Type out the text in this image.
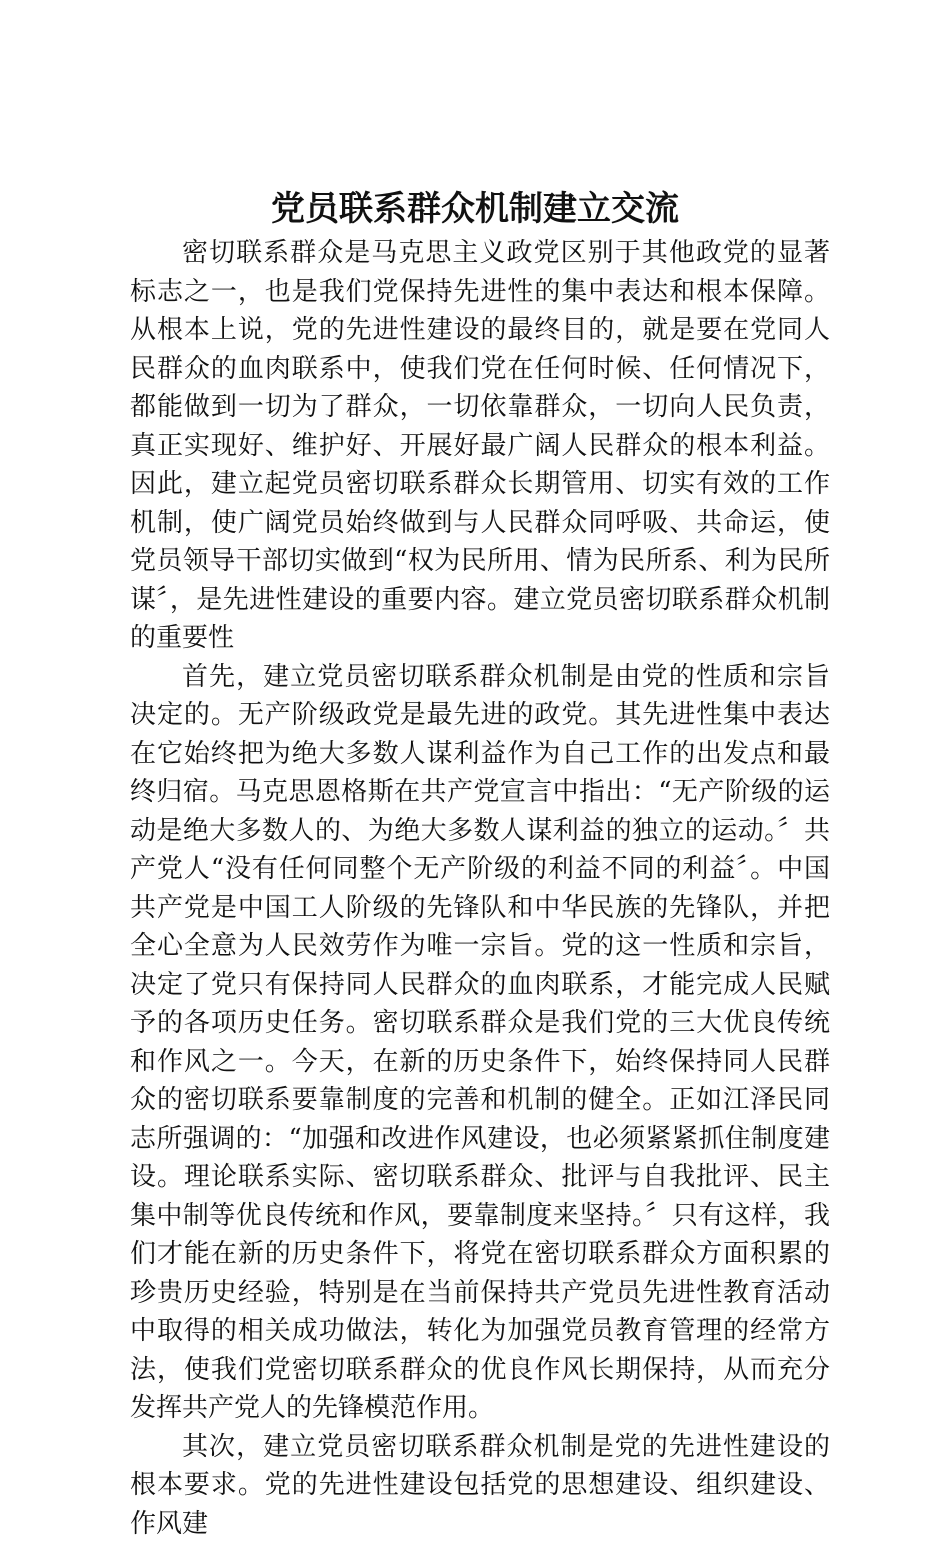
党员联系群众机制建立交流

密切联系群众是马克思主义政党区别于其他政党的显著标志之一，也是我们党保持先进性的集中表达和根本保障。从根本上说，党的先进性建设的最终目的，就是要在党同人民群众的血肉联系中，使我们党在任何时候、任何情况下，都能做到一切为了群众，一切依靠群众，一切向人民负责，真正实现好、维护好、开展好最广阔人民群众的根本利益。因此，建立起党员密切联系群众长期管用、切实有效的工作机制，使广阔党员始终做到与人民群众同呼吸、共命运，使党员领导干部切实做到“权为民所用、情为民所系、利为民所谋〞，是先进性建设的重要内容。建立党员密切联系群众机制的重要性

首先，建立党员密切联系群众机制是由党的性质和宗旨决定的。无产阶级政党是最先进的政党。其先进性集中表达在它始终把为绝大多数人谋利益作为自己工作的出发点和最终归宿。马克思恩格斯在共产党宣言中指出：“无产阶级的运动是绝大多数人的、为绝大多数人谋利益的独立的运动。〞共产党人“没有任何同整个无产阶级的利益不同的利益〞。中国共产党是中国工人阶级的先锋队和中华民族的先锋队，并把全心全意为人民效劳作为唯一宗旨。党的这一性质和宗旨，决定了党只有保持同人民群众的血肉联系，才能完成人民赋予的各项历史任务。密切联系群众是我们党的三大优良传统和作风之一。今天，在新的历史条件下，始终保持同人民群众的密切联系要靠制度的完善和机制的健全。正如江泽民同志所强调的：“加强和改进作风建设，也必须紧紧抓住制度建设。理论联系实际、密切联系群众、批评与自我批评、民主集中制等优良传统和作风，要靠制度来坚持。〞只有这样，我们才能在新的历史条件下，将党在密切联系群众方面积累的珍贵历史经验，特别是在当前保持共产党员先进性教育活动中取得的相关成功做法，转化为加强党员教育管理的经常方法，使我们党密切联系群众的优良作风长期保持，从而充分发挥共产党人的先锋模范作用。

其次，建立党员密切联系群众机制是党的先进性建设的根本要求。党的先进性建设包括党的思想建设、组织建设、作风建
